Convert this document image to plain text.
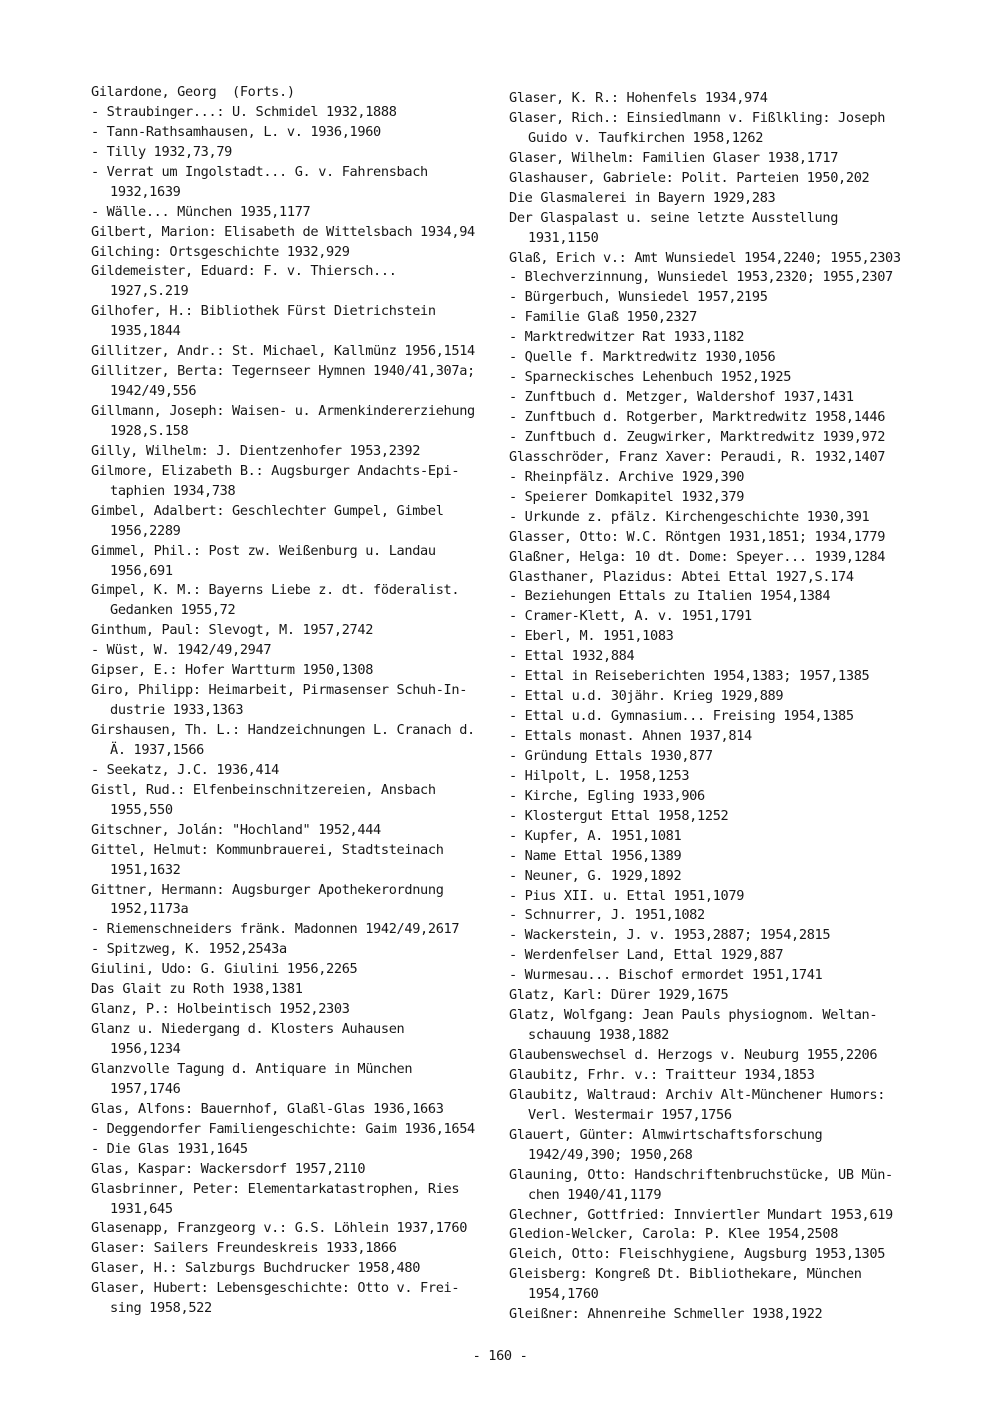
Gilardone, Georg  (Forts.)
- Straubinger...: U. Schmidel 1932,1888
- Tann-Rathsamhausen, L. v. 1936,1960
- Tilly 1932,73,79
- Verrat um Ingolstadt... G. v. Fahrensbach
1932,1639
- Wälle... München 1935,1177
Gilbert, Marion: Elisabeth de Wittelsbach 1934,94
Gilching: Ortsgeschichte 1932,929
Gildemeister, Eduard: F. v. Thiersch...
1927,S.219
Gilhofer, H.: Bibliothek Fürst Dietrichstein
1935,1844
Gillitzer, Andr.: St. Michael, Kallmünz 1956,1514
Gillitzer, Berta: Tegernseer Hymnen 1940/41,307a;
1942/49,556
Gillmann, Joseph: Waisen- u. Armenkindererziehung
1928,S.158
Gilly, Wilhelm: J. Dientzenhofer 1953,2392
Gilmore, Elizabeth B.: Augsburger Andachts-Epi-
taphien 1934,738
Gimbel, Adalbert: Geschlechter Gumpel, Gimbel
1956,2289
Gimmel, Phil.: Post zw. Weißenburg u. Landau
1956,691
Gimpel, K. M.: Bayerns Liebe z. dt. föderalist.
Gedanken 1955,72
Ginthum, Paul: Slevogt, M. 1957,2742
- Wüst, W. 1942/49,2947
Gipser, E.: Hofer Wartturm 1950,1308
Giro, Philipp: Heimarbeit, Pirmasenser Schuh-In-
dustrie 1933,1363
Girshausen, Th. L.: Handzeichnungen L. Cranach d.
Ä. 1937,1566
- Seekatz, J.C. 1936,414
Gistl, Rud.: Elfenbeinschnitzereien, Ansbach
1955,550
Gitschner, Jolán: "Hochland" 1952,444
Gittel, Helmut: Kommunbrauerei, Stadtsteinach
1951,1632
Gittner, Hermann: Augsburger Apothekerordnung
1952,1173a
- Riemenschneiders fränk. Madonnen 1942/49,2617
- Spitzweg, K. 1952,2543a
Giulini, Udo: G. Giulini 1956,2265
Das Glait zu Roth 1938,1381
Glanz, P.: Holbeintisch 1952,2303
Glanz u. Niedergang d. Klosters Auhausen
1956,1234
Glanzvolle Tagung d. Antiquare in München
1957,1746
Glas, Alfons: Bauernhof, Glaßl-Glas 1936,1663
- Deggendorfer Familiengeschichte: Gaim 1936,1654
- Die Glas 1931,1645
Glas, Kaspar: Wackersdorf 1957,2110
Glasbrinner, Peter: Elementarkatastrophen, Ries
1931,645
Glasenapp, Franzgeorg v.: G.S. Löhlein 1937,1760
Glaser: Sailers Freundeskreis 1933,1866
Glaser, H.: Salzburgs Buchdrucker 1958,480
Glaser, Hubert: Lebensgeschichte: Otto v. Frei-
sing 1958,522
Glaser, K. R.: Hohenfels 1934,974
Glaser, Rich.: Einsiedlmann v. Fißlkling: Joseph
Guido v. Taufkirchen 1958,1262
Glaser, Wilhelm: Familien Glaser 1938,1717
Glashauser, Gabriele: Polit. Parteien 1950,202
Die Glasmalerei in Bayern 1929,283
Der Glaspalast u. seine letzte Ausstellung
1931,1150
Glaß, Erich v.: Amt Wunsiedel 1954,2240; 1955,2303
- Blechverzinnung, Wunsiedel 1953,2320; 1955,2307
- Bürgerbuch, Wunsiedel 1957,2195
- Familie Glaß 1950,2327
- Marktredwitzer Rat 1933,1182
- Quelle f. Marktredwitz 1930,1056
- Sparneckisches Lehenbuch 1952,1925
- Zunftbuch d. Metzger, Waldershof 1937,1431
- Zunftbuch d. Rotgerber, Marktredwitz 1958,1446
- Zunftbuch d. Zeugwirker, Marktredwitz 1939,972
Glasschröder, Franz Xaver: Peraudi, R. 1932,1407
- Rheinpfälz. Archive 1929,390
- Speierer Domkapitel 1932,379
- Urkunde z. pfälz. Kirchengeschichte 1930,391
Glasser, Otto: W.C. Röntgen 1931,1851; 1934,1779
Glaßner, Helga: 10 dt. Dome: Speyer... 1939,1284
Glasthaner, Plazidus: Abtei Ettal 1927,S.174
- Beziehungen Ettals zu Italien 1954,1384
- Cramer-Klett, A. v. 1951,1791
- Eberl, M. 1951,1083
- Ettal 1932,884
- Ettal in Reiseberichten 1954,1383; 1957,1385
- Ettal u.d. 30jähr. Krieg 1929,889
- Ettal u.d. Gymnasium... Freising 1954,1385
- Ettals monast. Ahnen 1937,814
- Gründung Ettals 1930,877
- Hilpolt, L. 1958,1253
- Kirche, Egling 1933,906
- Klostergut Ettal 1958,1252
- Kupfer, A. 1951,1081
- Name Ettal 1956,1389
- Neuner, G. 1929,1892
- Pius XII. u. Ettal 1951,1079
- Schnurrer, J. 1951,1082
- Wackerstein, J. v. 1953,2887; 1954,2815
- Werdenfelser Land, Ettal 1929,887
- Wurmesau... Bischof ermordet 1951,1741
Glatz, Karl: Dürer 1929,1675
Glatz, Wolfgang: Jean Pauls physiognom. Weltan-
schauung 1938,1882
Glaubenswechsel d. Herzogs v. Neuburg 1955,2206
Glaubitz, Frhr. v.: Traitteur 1934,1853
Glaubitz, Waltraud: Archiv Alt-Münchener Humors:
Verl. Westermair 1957,1756
Glauert, Günter: Almwirtschaftsforschung
1942/49,390; 1950,268
Glauning, Otto: Handschriftenbruchstücke, UB Mün-
chen 1940/41,1179
Glechner, Gottfried: Innviertler Mundart 1953,619
Gledion-Welcker, Carola: P. Klee 1954,2508
Gleich, Otto: Fleischhygiene, Augsburg 1953,1305
Gleisberg: Kongreß Dt. Bibliothekare, München
1954,1760
Gleißner: Ahnenreihe Schmeller 1938,1922
- 160 -
